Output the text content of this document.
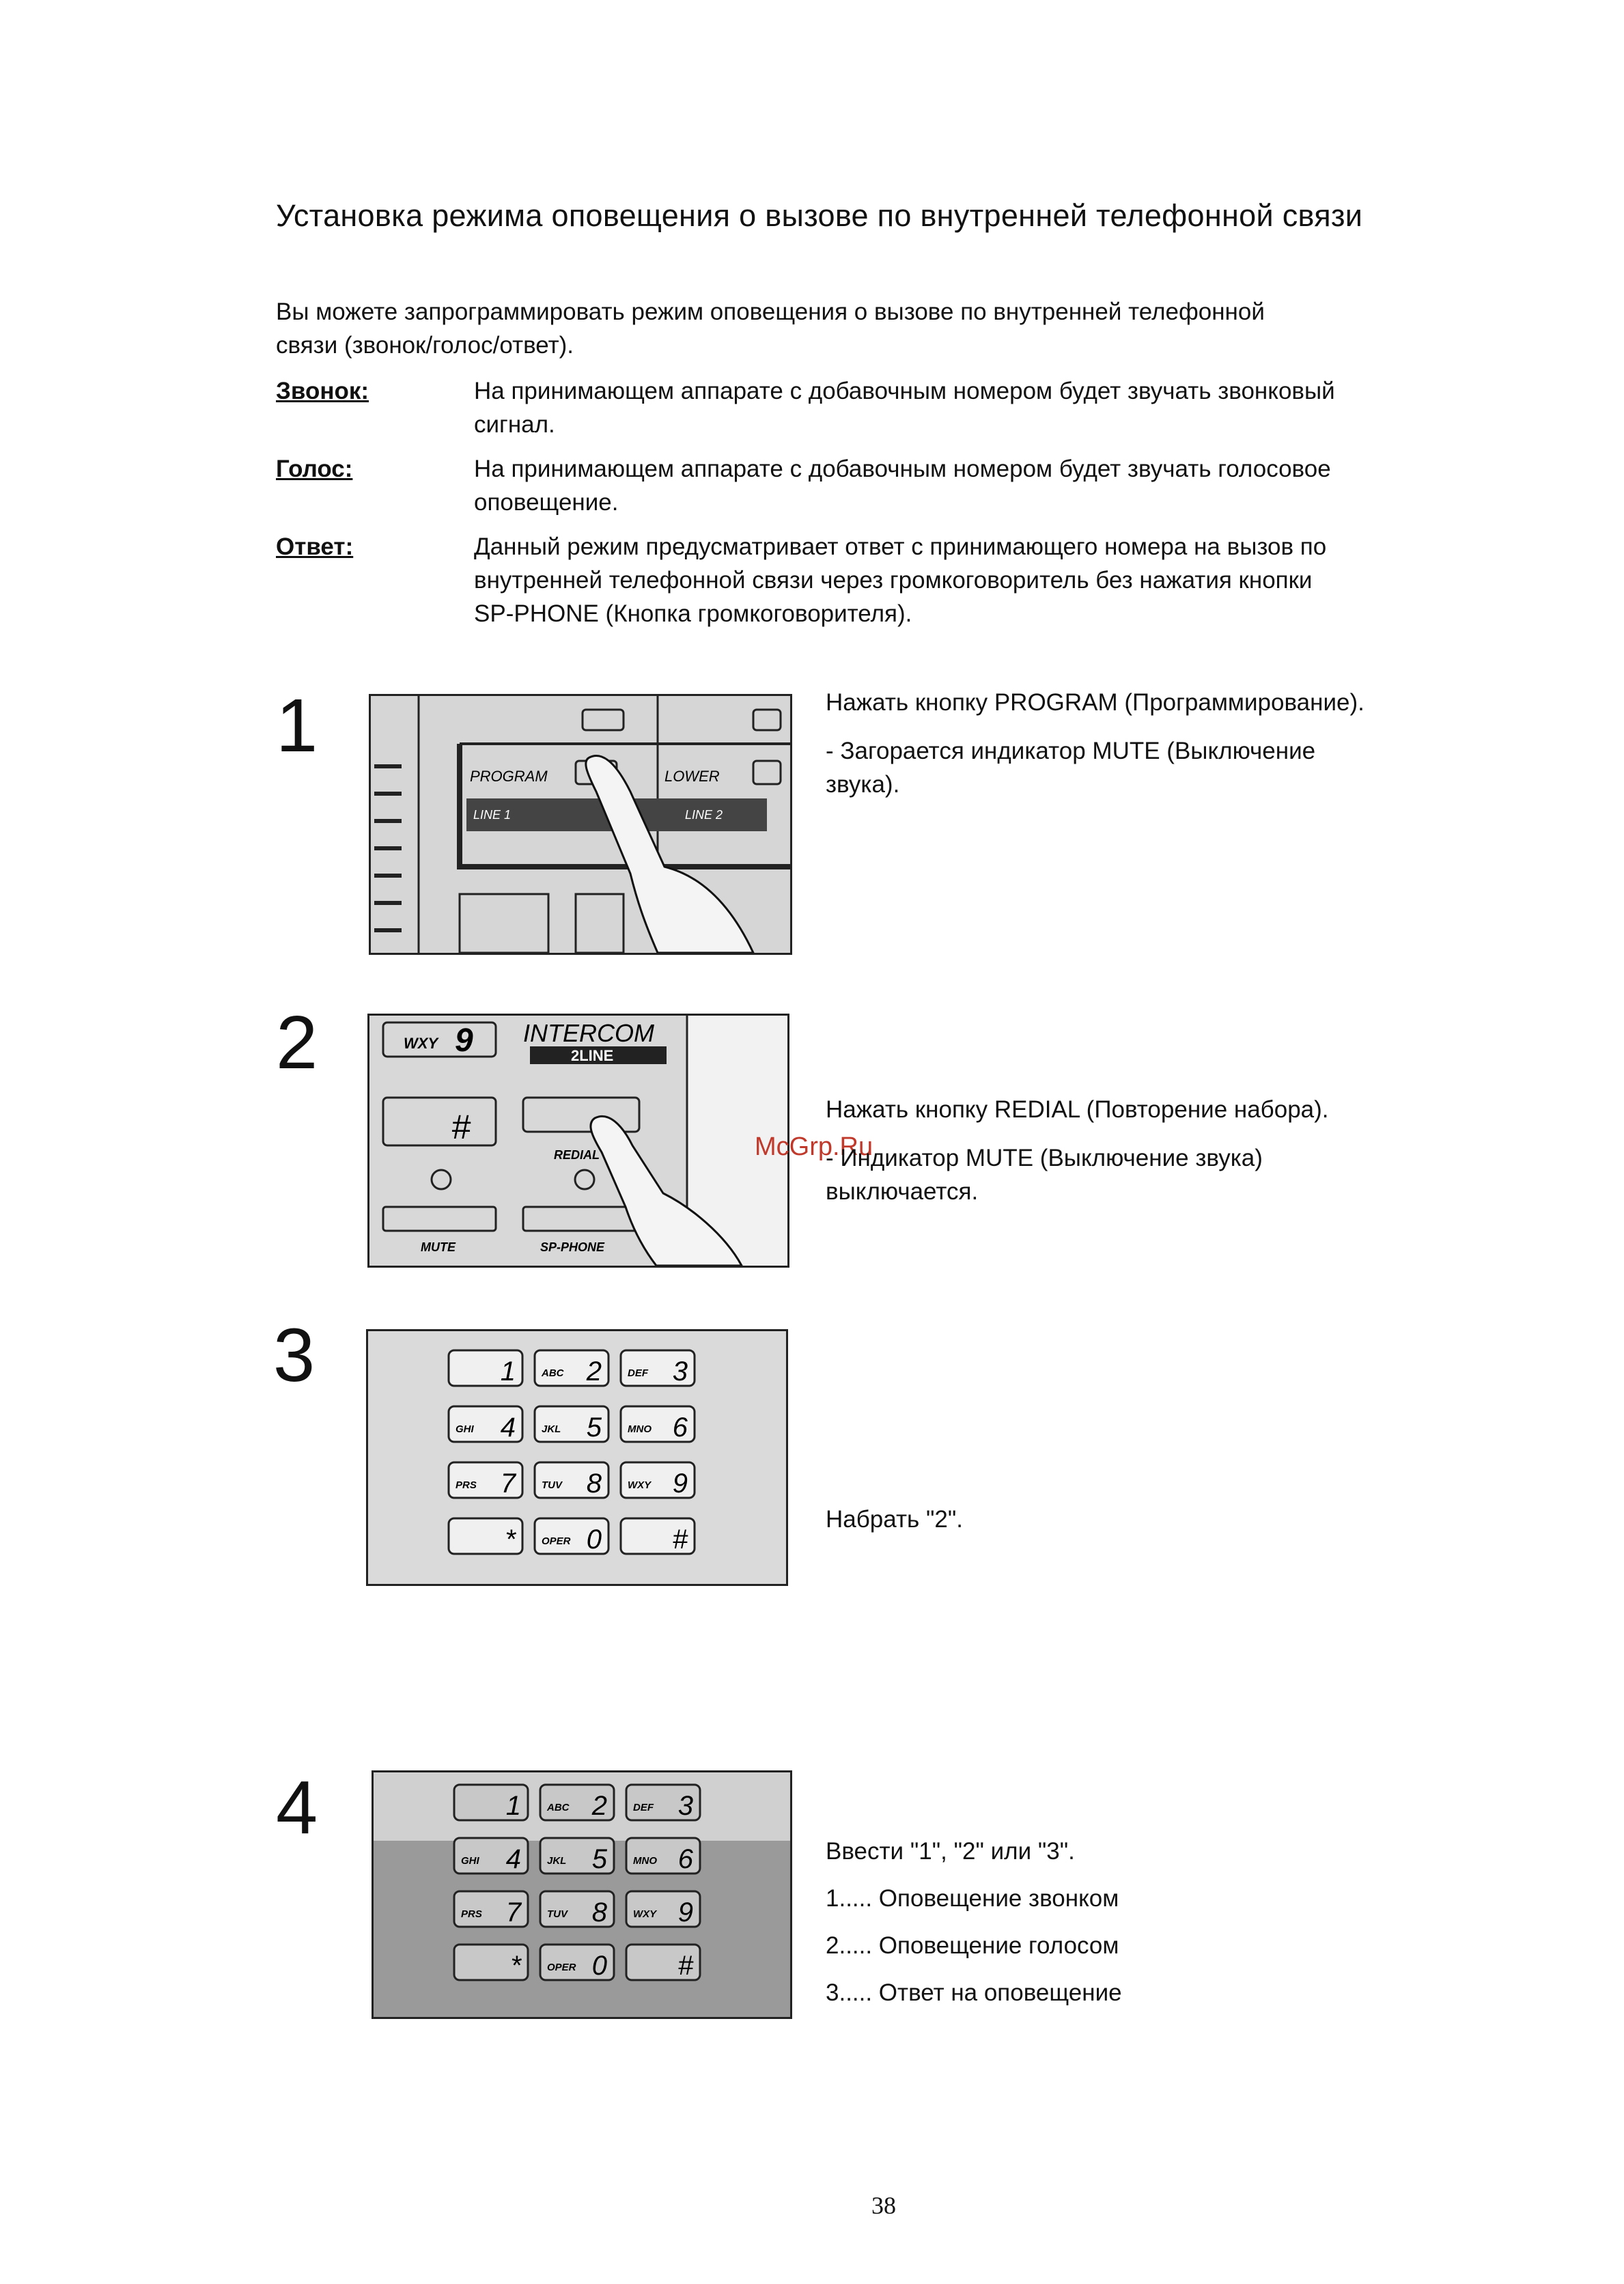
Установка режима оповещения о вызове по внутренней телефонной связи
Вы можете запрограммировать режим оповещения о вызове по внутренней телефонной
связи (звонок/голос/ответ).
Звонок:	На принимающем аппарате с добавочным номером будет звучать звонковый
сигнал.
Голос:	На принимающем аппарате с добавочным номером будет звучать голосовое
оповещение.
Ответ:	Данный режим предусматривает ответ с принимающего номера на вызов по
внутренней телефонной связи через громкоговоритель без нажатия кнопки
SP-PHONE (Кнопка громкоговорителя).
1
PROGRAM	LOWER
LINE 1	LINE 2

Нажать кнопку PROGRAM (Программирование).

- Загорается индикатор MUTE (Выключение

звука).

2	WXY 9 INTERCOM
2LINE
#
REDIAL
MUTE	SP-PHONE
McGrp.Ru

Нажать кнопку REDIAL (Повторение набора).

- Индикатор MUTE (Выключение звука)

выключается.

3	1	ABC 2	DEF 3
GHI 4	JKL 5	MNO 6
PRS 7	TUV 8	WXY 9
*	OPER 0	#

Набрать "2".

4	1	ABC 2	DEF 3
GHI 4	JKL 5	MNO 6
PRS 7	TUV 8	WXY 9
*	OPER 0	#

Ввести "1", "2" или "3".

1..... Оповещение звонком

2..... Оповещение голосом

3..... Ответ на оповещение

38
